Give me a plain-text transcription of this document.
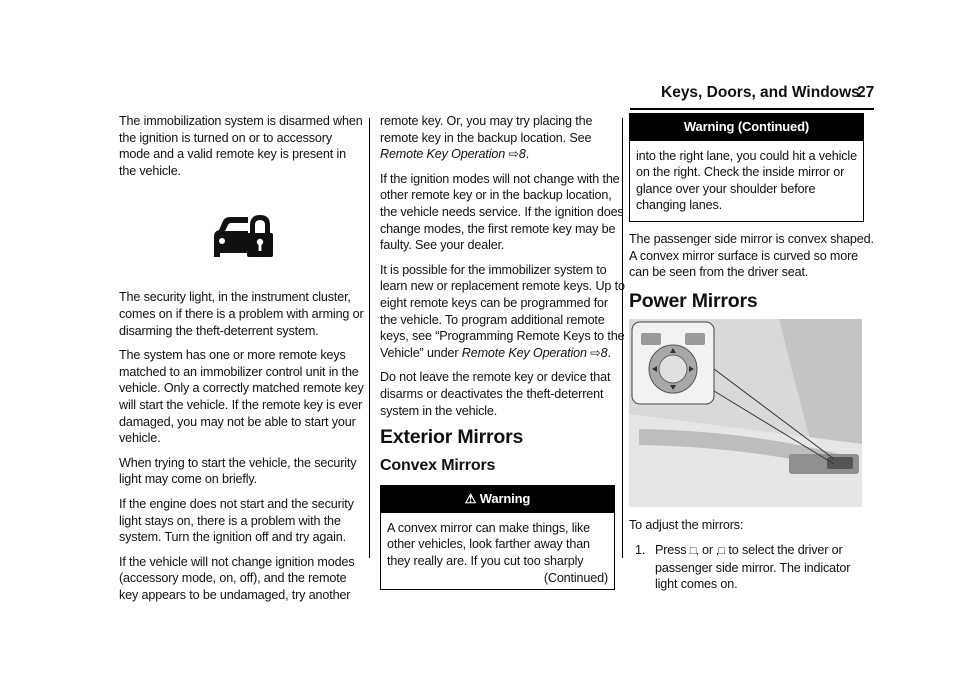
Keys, Doors, and Windows
27

The immobilization system is disarmed when the ignition is turned on or to accessory mode and a valid remote key is present in the vehicle.

The security light, in the instrument cluster, comes on if there is a problem with arming or disarming the theft-deterrent system.

The system has one or more remote keys matched to an immobilizer control unit in the vehicle. Only a correctly matched remote key will start the vehicle. If the remote key is ever damaged, you may not be able to start your vehicle.

When trying to start the vehicle, the security light may come on briefly.

If the engine does not start and the security light stays on, there is a problem with the system. Turn the ignition off and try again.

If the vehicle will not change ignition modes (accessory mode, on, off), and the remote key appears to be undamaged, try another

remote key. Or, you may try placing the remote key in the backup location. See Remote Key Operation ⇨8.

If the ignition modes will not change with the other remote key or in the backup location, the vehicle needs service. If the ignition does change modes, the first remote key may be faulty. See your dealer.

It is possible for the immobilizer system to learn new or replacement remote keys. Up to eight remote keys can be programmed for the vehicle. To program additional remote keys, see “Programming Remote Keys to the Vehicle” under Remote Key Operation ⇨8.

Do not leave the remote key or device that disarms or deactivates the theft-deterrent system in the vehicle.

Exterior Mirrors
Convex Mirrors
⚠ Warning
A convex mirror can make things, like other vehicles, look farther away than they really are. If you cut too sharply
(Continued)
Warning (Continued)
into the right lane, you could hit a vehicle on the right. Check the inside mirror or glance over your shoulder before changing lanes.

The passenger side mirror is convex shaped. A convex mirror surface is curved so more can be seen from the driver seat.

Power Mirrors

To adjust the mirrors:

1. Press □‚ or ‚□ to select the driver or passenger side mirror. The indicator light comes on.
